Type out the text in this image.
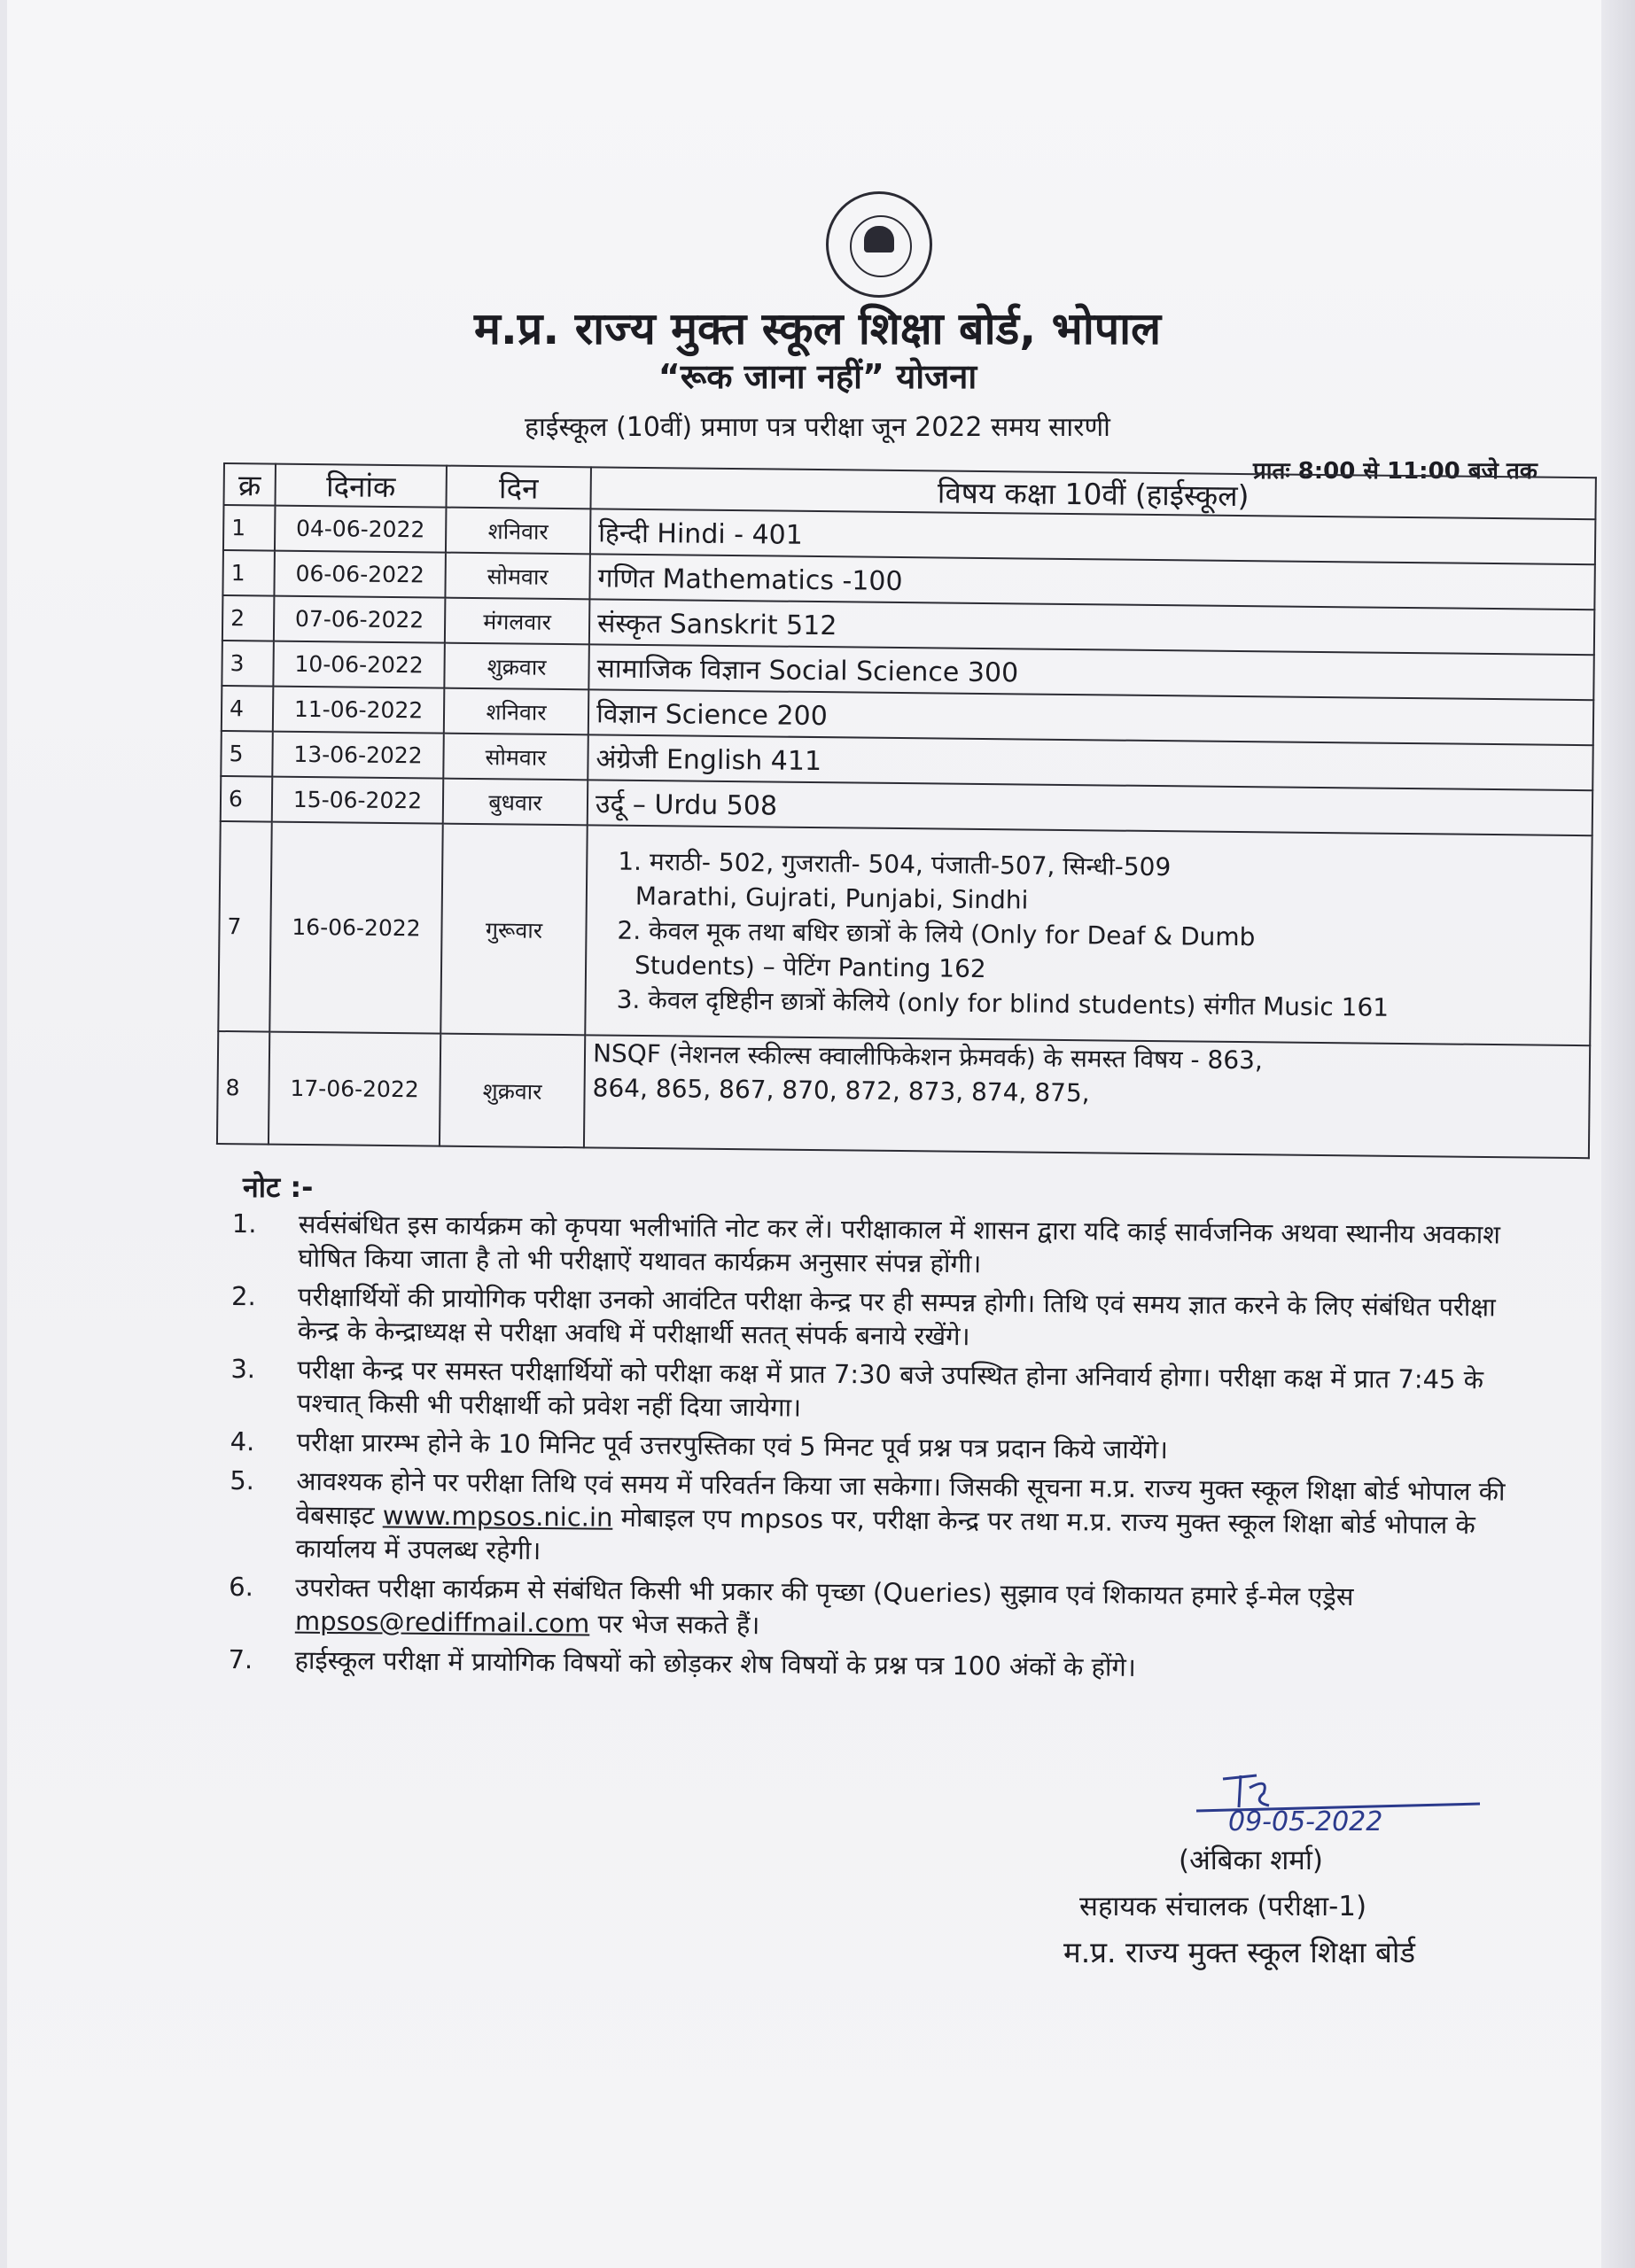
म.प्र. राज्य मुक्त स्कूल शिक्षा बोर्ड, भोपाल
“रूक जाना नहीं” योजना
हाईस्कूल (10वीं) प्रमाण पत्र परीक्षा जून 2022 समय सारणी
प्रातः 8:00 से 11:00 बजे तक
क्र	दिनांक	दिन	विषय कक्षा 10वीं (हाईस्कूल)
1	04-06-2022	शनिवार	हिन्दी Hindi - 401
1	06-06-2022	सोमवार	गणित Mathematics -100
2	07-06-2022	मंगलवार	संस्कृत Sanskrit 512
3	10-06-2022	शुक्रवार	सामाजिक विज्ञान Social Science 300
4	11-06-2022	शनिवार	विज्ञान Science 200
5	13-06-2022	सोमवार	अंग्रेजी English 411
6	15-06-2022	बुधवार	उर्दू – Urdu 508
7	16-06-2022	गुरूवार	1. मराठी- 502, गुजराती- 504, पंजाती-507, सिन्धी-509
Marathi, Gujrati, Punjabi, Sindhi
2. केवल मूक तथा बधिर छात्रों के लिये (Only for Deaf & Dumb
Students) – पेटिंग Panting 162
3. केवल दृष्टिहीन छात्रों केलिये (only for blind students) संगीत Music 161

8	17-06-2022	शुक्रवार	NSQF (नेशनल स्कील्स क्वालीफिकेशन फ्रेमवर्क) के समस्त विषय - 863,
864, 865, 867, 870, 872, 873, 874, 875,
नोट :-
1.	सर्वसंबंधित इस कार्यक्रम को कृपया भलीभांति नोट कर लें। परीक्षाकाल में शासन द्वारा यदि काई सार्वजनिक अथवा स्थानीय अवकाश घोषित किया जाता है तो भी परीक्षाऐं यथावत कार्यक्रम अनुसार संपन्न होंगी।
2.	परीक्षार्थियों की प्रायोगिक परीक्षा उनको आवंटित परीक्षा केन्द्र पर ही सम्पन्न होगी। तिथि एवं समय ज्ञात करने के लिए संबंधित परीक्षा केन्द्र के केन्द्राध्यक्ष से परीक्षा अवधि में परीक्षार्थी सतत् संपर्क बनाये रखेंगे।
3.	परीक्षा केन्द्र पर समस्त परीक्षार्थियों को परीक्षा कक्ष में प्रात 7:30 बजे उपस्थित होना अनिवार्य होगा। परीक्षा कक्ष में प्रात 7:45 के पश्चात् किसी भी परीक्षार्थी को प्रवेश नहीं दिया जायेगा।
4.	परीक्षा प्रारम्भ होने के 10 मिनिट पूर्व उत्तरपुस्तिका एवं 5 मिनट पूर्व प्रश्न पत्र प्रदान किये जायेंगे।
5.	आवश्यक होने पर परीक्षा तिथि एवं समय में परिवर्तन किया जा सकेगा। जिसकी सूचना म.प्र. राज्य मुक्त स्कूल शिक्षा बोर्ड भोपाल की वेबसाइट www.mpsos.nic.in मोबाइल एप mpsos पर, परीक्षा केन्द्र पर तथा म.प्र. राज्य मुक्त स्कूल शिक्षा बोर्ड भोपाल के कार्यालय में उपलब्ध रहेगी।
6.	उपरोक्त परीक्षा कार्यक्रम से संबंधित किसी भी प्रकार की पृच्छा (Queries) सुझाव एवं शिकायत हमारे ई-मेल एड्रेस mpsos@rediffmail.com पर भेज सकते हैं।
7.	हाईस्कूल परीक्षा में प्रायोगिक विषयों को छोड़कर शेष विषयों के प्रश्न पत्र 100 अंकों के होंगे।
09-05-2022
(अंबिका शर्मा)
सहायक संचालक (परीक्षा-1)
म.प्र. राज्य मुक्त स्कूल शिक्षा बोर्ड
